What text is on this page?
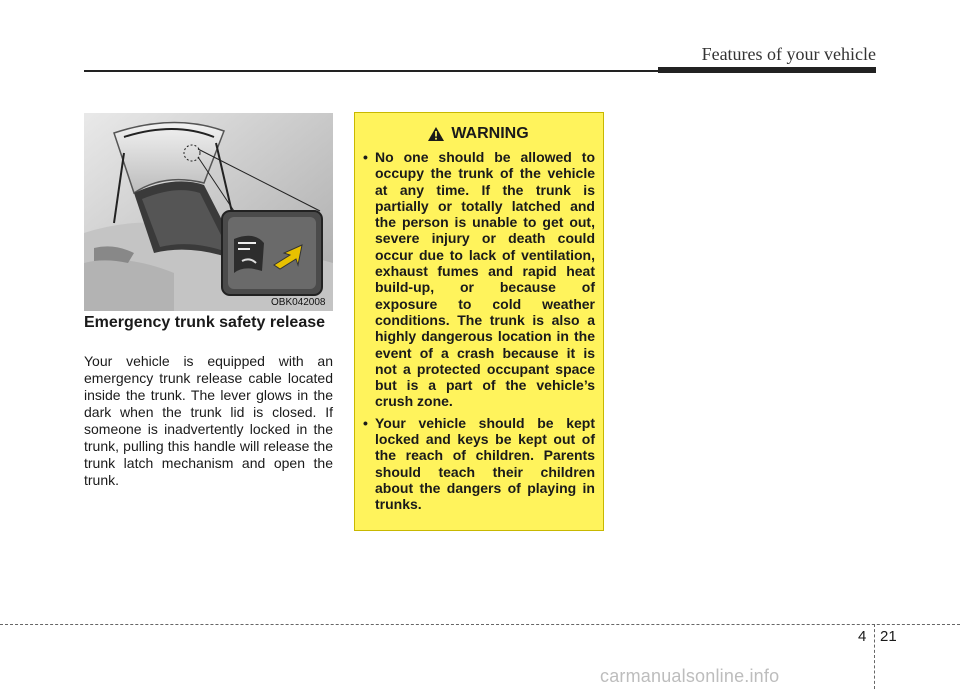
Features of your vehicle
OBK042008
Emergency trunk safety release

Your vehicle is equipped with an emergency trunk release cable located inside the trunk. The lever glows in the dark when the trunk lid is closed. If someone is inadvertently locked in the trunk, pulling this handle will release the trunk latch mechanism and open the trunk.

WARNING
• No one should be allowed to occupy the trunk of the vehicle at any time. If the trunk is partially or totally latched and the person is unable to get out, severe injury or death could occur due to lack of ventilation, exhaust fumes and rapid heat build-up, or because of exposure to cold weather conditions. The trunk is also a highly dangerous location in the event of a crash because it is not a protected occupant space but is a part of the vehicle’s crush zone.
• Your vehicle should be kept locked and keys be kept out of the reach of children. Parents should teach their children about the dangers of playing in trunks.
4 21
carmanualsonline.info
